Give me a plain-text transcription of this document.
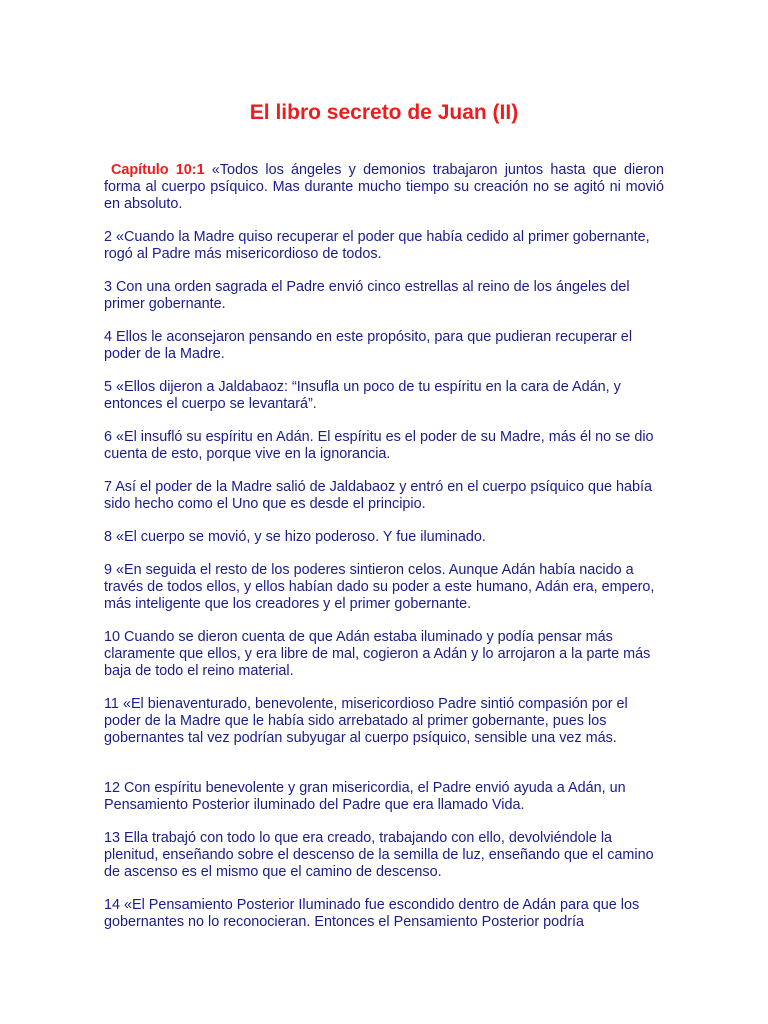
El libro secreto de Juan (II)

Capítulo 10:1 «Todos los ángeles y demonios trabajaron juntos hasta que dieron forma al cuerpo psíquico. Mas durante mucho tiempo su creación no se agitó ni movió en absoluto.

2 «Cuando la Madre quiso recuperar el poder que había cedido al primer gobernante, rogó al Padre más misericordioso de todos.

3 Con una orden sagrada el Padre envió cinco estrellas al reino de los ángeles del primer gobernante.

4 Ellos le aconsejaron pensando en este propósito, para que pudieran recuperar el poder de la Madre.

5 «Ellos dijeron a Jaldabaoz: “Insufla un poco de tu espíritu en la cara de Adán, y entonces el cuerpo se levantará”.

6 «El insufló su espíritu en Adán. El espíritu es el poder de su Madre, más él no se dio cuenta de esto, porque vive en la ignorancia.

7 Así el poder de la Madre salió de Jaldabaoz y entró en el cuerpo psíquico que había sido hecho como el Uno que es desde el principio.

8 «El cuerpo se movió, y se hizo poderoso. Y fue iluminado.

9 «En seguida el resto de los poderes sintieron celos. Aunque Adán había nacido a través de todos ellos, y ellos habían dado su poder a este humano, Adán era, empero, más inteligente que los creadores y el primer gobernante.

10 Cuando se dieron cuenta de que Adán estaba iluminado y podía pensar más claramente que ellos, y era libre de mal, cogieron a Adán y lo arrojaron a la parte más baja de todo el reino material.

11 «El bienaventurado, benevolente, misericordioso Padre sintió compasión por el poder de la Madre que le había sido arrebatado al primer gobernante, pues los gobernantes tal vez podrían subyugar al cuerpo psíquico, sensible una vez más.

12 Con espíritu benevolente y gran misericordia, el Padre envió ayuda a Adán, un Pensamiento Posterior iluminado del Padre que era llamado Vida.

13 Ella trabajó con todo lo que era creado, trabajando con ello, devolviéndole la plenitud, enseñando sobre el descenso de la semilla de luz, enseñando que el camino de ascenso es el mismo que el camino de descenso.

14 «El Pensamiento Posterior Iluminado fue escondido dentro de Adán para que los gobernantes no lo reconocieran. Entonces el Pensamiento Posterior podría
